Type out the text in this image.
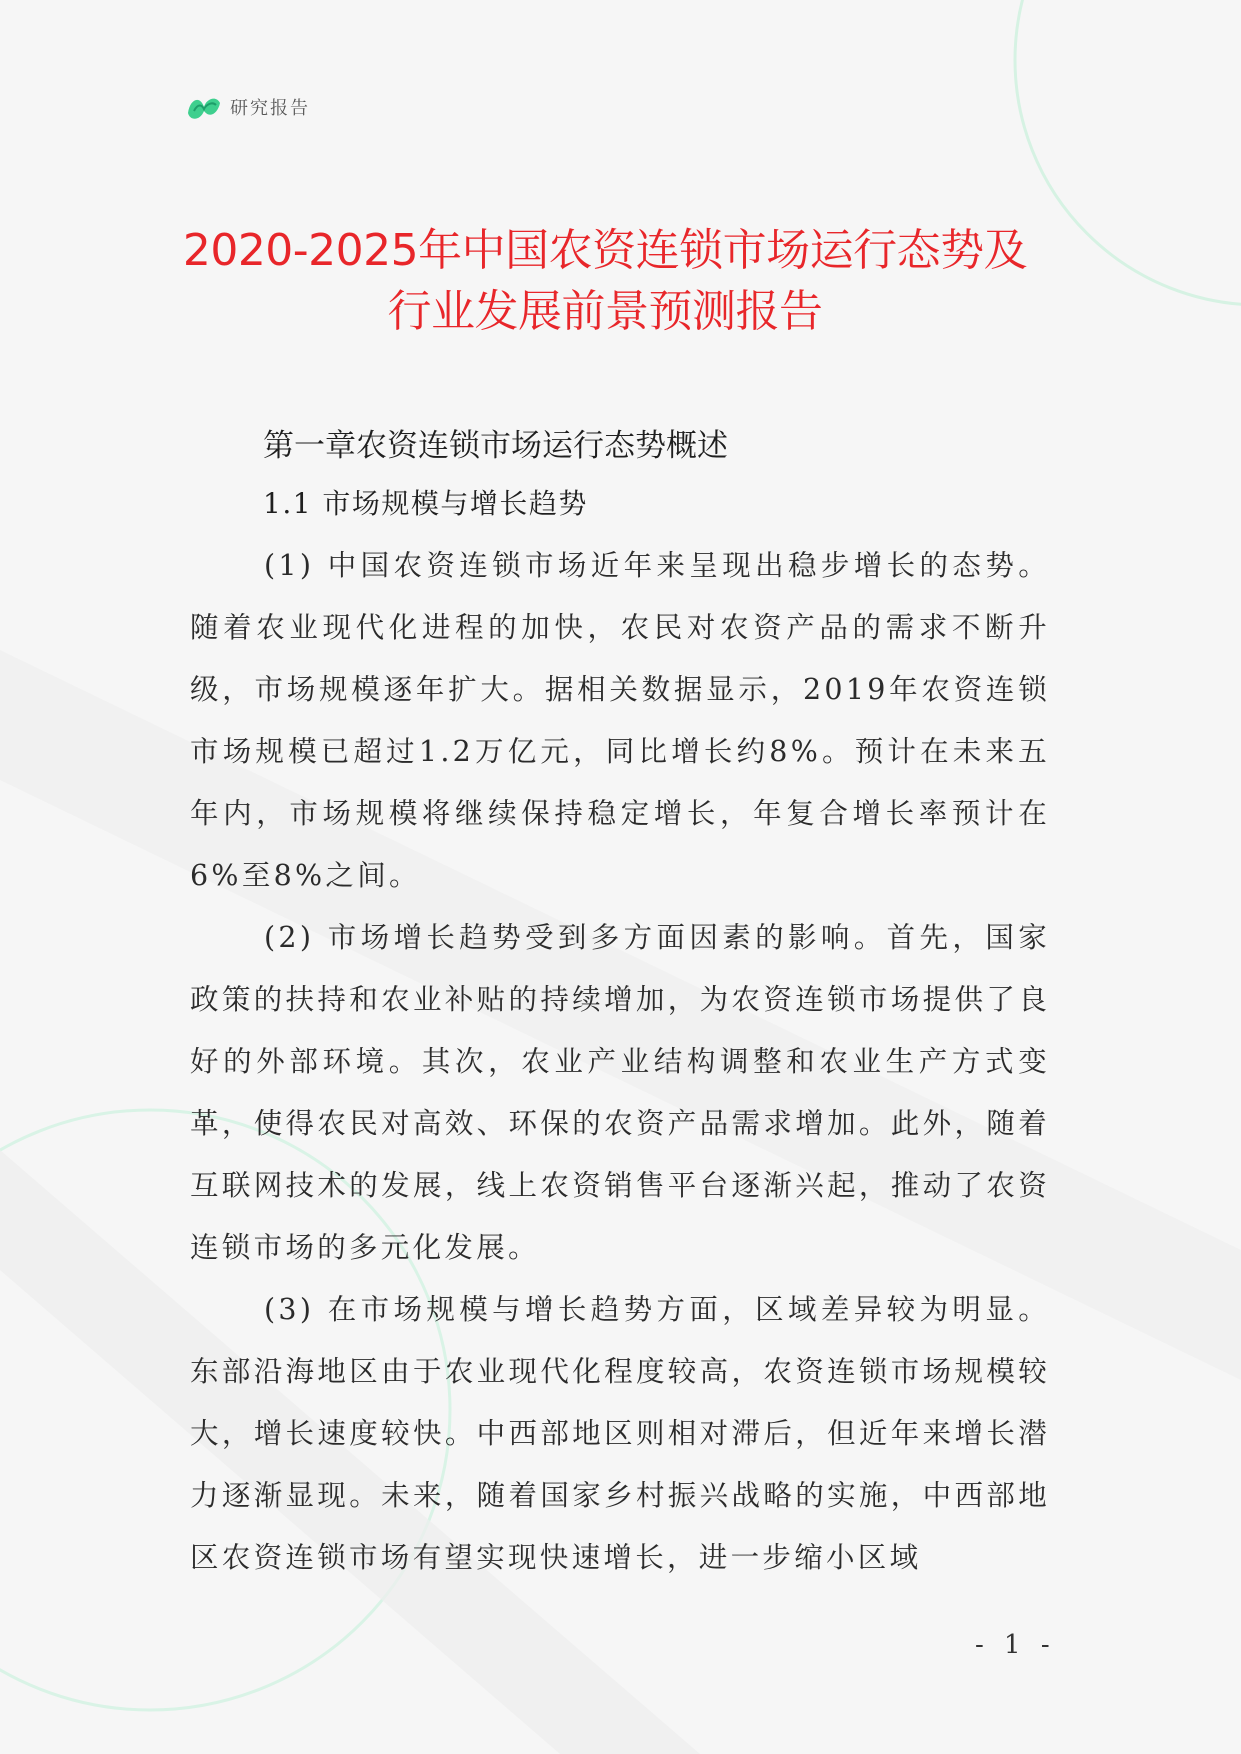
研究报告
2020-2025年中国农资连锁市场运行态势及
行业发展前景预测报告
第一章农资连锁市场运行态势概述
1.1 市场规模与增长趋势

(1) 中国农资连锁市场近年来呈现出稳步增长的态势。随着农业现代化进程的加快，农民对农资产品的需求不断升级，市场规模逐年扩大。据相关数据显示，2019年农资连锁市场规模已超过1.2万亿元，同比增长约8%。预计在未来五年内，市场规模将继续保持稳定增长，年复合增长率预计在6%至8%之间。

(2) 市场增长趋势受到多方面因素的影响。首先，国家政策的扶持和农业补贴的持续增加，为农资连锁市场提供了良好的外部环境。其次，农业产业结构调整和农业生产方式变革，使得农民对高效、环保的农资产品需求增加。此外，随着互联网技术的发展，线上农资销售平台逐渐兴起，推动了农资连锁市场的多元化发展。

(3) 在市场规模与增长趋势方面，区域差异较为明显。东部沿海地区由于农业现代化程度较高，农资连锁市场规模较大，增长速度较快。中西部地区则相对滞后，但近年来增长潜力逐渐显现。未来，随着国家乡村振兴战略的实施，中西部地区农资连锁市场有望实现快速增长，进一步缩小区域

- 1 -
